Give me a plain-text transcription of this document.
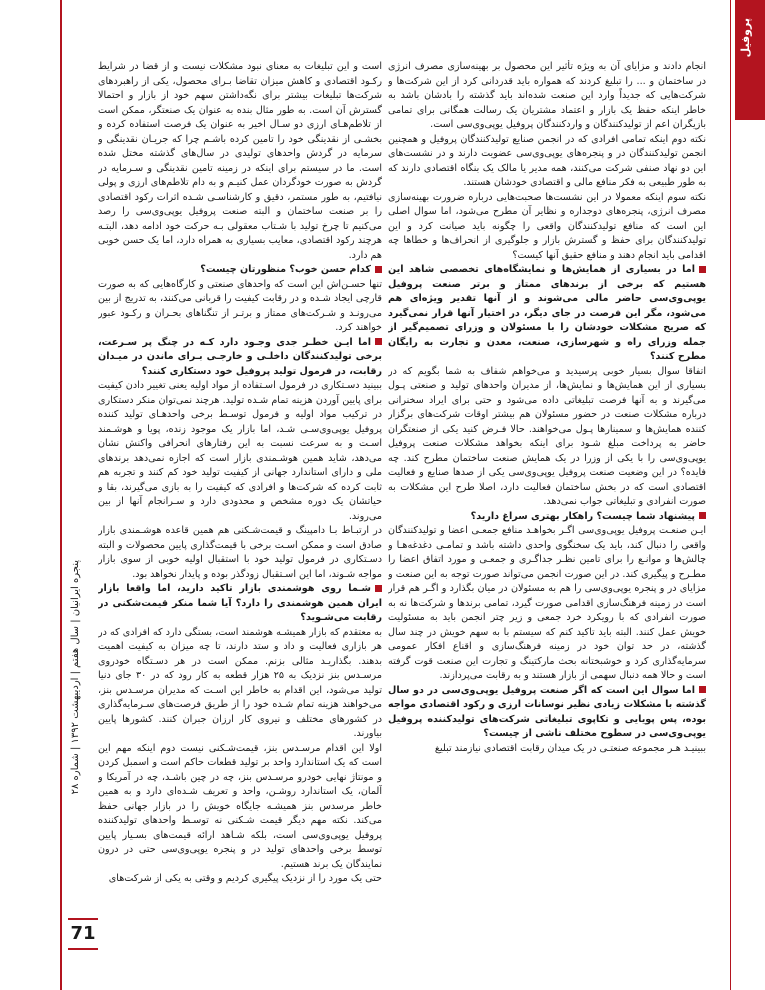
پروفیل
پنجره ایرانیان | سال هفتم | اردیبهشت ۱۳۹۲ | شماره ۲۸
71

انجام دادند و مزایای آن به ویژه تأثیر این محصول بر بهینه‌سازی مصرف انرژی در ساختمان و ... را تبلیغ کردند که همواره باید قدردانی کرد از این شرکت‌ها و شرکت‌هایی که جدیداً وارد این صنعت شده‌اند باید گذشته را بادشان باشد به خاطر اینکه حفظ یک بازار و اعتماد مشتریان یک رسالت همگانی برای تمامی بازیگران اعم از تولیدکنندگان و واردکنندگان پروفیل یوپی‌وی‌سی است.

نکته دوم اینکه تمامی افرادی که در انجمن صنایع تولیدکنندگان پروفیل و همچنین انجمن تولیدکنندگان در و پنجره‌های یوپی‌وی‌سی عضویت دارند و در نشست‌های این دو نهاد صنفی شرکت می‌کنند، همه مدیر یا مالک یک بنگاه اقتصادی دارند که به طور طبیعی به فکر منافع مالی و اقتصادی خودشان هستند.

نکته سوم اینکه معمولا در این نشست‌ها صحبت‌هایی درباره ضرورت بهینه‌سازی مصرف انرژی، پنجره‌های دوجداره و نظایر آن مطرح می‌شود، اما سوال اصلی این است که منافع تولیدکنندگان واقعی را چگونه باید صیانت کرد و این تولیدکنندگان برای حفظ و گسترش بازار و جلوگیری از انحراف‌ها و خطاها چه اقدامی باید انجام دهند و منافع حقیق آنها کیست؟

اما در بسیاری از همایش‌ها و نمایشگاه‌های تخصصی شاهد این هستیم که برخی از برندهای ممتاز و برتر صنعت پروفیل یوپی‌وی‌سی حاضر مالی می‌شوند و از آنها تقدیر ویژه‌ای هم می‌شود، مگر این فرصت در جای دیگر، در اختیار آنها قرار نمی‌گیرد که صریح مشکلات خودشان را با مسئولان و وزرای تصمیم‌گیر از جمله وزرای راه و شهرسازی، صنعت، معدن و تجارت به رایگان مطرح کنند؟

اتفاقا سوال بسیار خوبی پرسیدید و می‌خواهم شفاف به شما بگویم که در بسیاری از این همایش‌ها و نمایش‌ها، از مدیران واحدهای تولید و صنعتی پـول می‌گیرند و به آنها فرصت تبلیغاتی داده می‌شود و حتی برای ایراد سخنرانی درباره مشکلات صنعت در حضور مسئولان هم بیشتر اوقات شرکت‌های برگزار کننده همایش‌ها و سمینارها پـول می‌خواهند. حالا فـرض کنید یکی از صنعتگران حاضر به پرداخت مبلغ شـود برای اینکه بخواهد مشکلات صنعت پروفیل یوپی‌وی‌سی را با یکی از وزرا در یک همایش صنعت ساختمان مطرح کند. چه فایده؟ در این وضعیت صنعت پروفیل یوپی‌وی‌سی یکی از صدها صنایع و فعالیت اقتصادی است که در بخش ساختمان فعالیت دارد، اصلا طرح این مشکلات به صورت انفرادی و تبلیغاتی جواب نمی‌دهد.

پیشنهاد شما چیست؟ راهکار بهتری سراغ دارید؟

ایـن صنعـت پروفیل یوپی‌وی‌سی اگـر بخواهـد منافع جمعـی اعضا و تولیدکنندگان واقعی را دنبال کند، باید یک سخنگوی واحدی داشته باشد و تمامـی دغدغه‌هـا و چالش‌ها و موانـع را برای تامین نظـر جداگـری و جمعـی و مورد اتفاق اعضا را مطـرح و پیگیری کند. در این صورت انجمن می‌تواند صورت توجه به این صنعت و مزایای در و پنجره یوپی‌وی‌سی را هم به مسئولان در میان بگذارد و اگـر هم قرار است در زمینه فرهنگ‌سازی اقدامی صورت گیرد، تمامی برندها و شرکت‌ها نه به صورت انفرادی که با رویکرد خرد جمعی و زیر چتر انجمن باید به مسئولیت خویش عمل کنند. البته باید تاکید کنم که سیستم با به سهم خویش در چند سال گذشته، در حد توان خود در زمینه فرهنگ‌سازی و اقناع افکار عمومی سرمایه‌گذاری کرد و خوشبختانه بحث مارکتینگ و تجارت این صنعت قوت گرفته است و حالا همه دنبال سهمی از بازار هستند و به رقابت می‌پردازند.

اما سوال این است که اگر صنعت پروفیل یوپی‌وی‌سی در دو سال گذشته با مشکلات زیادی نظیر نوسانات ارزی و رکود اقتصادی مواجه بوده، پس پویایی و تکاپوی تبلیغاتی شرکت‌های تولیدکننده پروفیل یوپی‌وی‌سی در سطوح مختلف ناشی از چیست؟

ببینیـد هـر مجموعه صنعتـی در یک میدان رقابت اقتصادی نیازمند تبلیغ

است و این تبلیغات به معنای نبود مشکلات نیست و از قضا در شرایط رکـود اقتصادی و کاهش میزان تقاضا بـرای محصول، یکی از راهبردهای شرکت‌ها تبلیغات بیشتر برای نگه‌داشتن سهم خود از بازار و احتمالا گسترش آن است. به طور مثال بنده به عنوان یک صنعتگر، ممکن است از تلاطم‌هـای ارزی دو سـال اخیر به عنوان یک فرصت استفاده کرده و بخشـی از نقدینگی خود را تامین کرده باشـم چرا که جریـان نقدینگی و سرمایه در گردش واحدهای تولیدی در سال‌های گذشته مختل شده است. ما در سیستم برای اینکه در زمینه تامین نقدینگی و سـرمایه در گردش به صورت خودگردان عمل کنیـم و به دام تلاطم‌های ارزی و پولی نیافتیم، به طور مستمر، دقیق و کارشناسـی شـده اثرات رکود اقتصادی را بر صنعت ساختمان و البته صنعت پروفیل یوپی‌وی‌سی را رصد می‌کنیم تا چرخ تولید با شـتاب معقولی بـه حرکت خود ادامه دهد، البتـه هرچند رکود اقتصادی، معایب بسیاری به همراه دارد، اما یک حسن خوبی هم دارد.

کدام حسن خوب؟ منظورتان چیست؟

تنها حسـن‌اش این است که واحدهای صنعتی و کارگاه‌هایی که به صورت قارچی ایجاد شـده و در رقابت کیفیت را قربانی می‌کنند، به تدریج از بین می‌رونـد و شـرکت‌های ممتاز و برتـر از تنگناهای بحـران و رکـود عبور خواهند کرد.

اما ایـن خطـر جدی وجـود دارد کـه در چنگ پر سـرعت، برخی تولیدکنندگان داخلـی و خارجـی بـرای ماندن در میـدان رقابت، در فرمول تولید پروفیل خود دستکاری کنند؟

ببینید دسـتکاری در فرمول اسـتفاده از مواد اولیه یعنی تغییر دادن کیفیت برای پایین آوردن هزینه تمام شـده تولید. هرچند نمی‌توان منکر دستکاری در ترکیب مواد اولیه و فرمول توسـط برخی واحدهـای تولید کننده پروفیل یوپی‌وی‌سـی شـد، اما بازار یک موجود زنده، پویا و هوشـمند اسـت و به سرعت نسبت به این رفتارهای انحرافی واکنش نشان می‌دهد، شاید همین هوشـمندی بازار است که اجازه نمی‌دهد برندهای ملی و دارای استاندارد جهانی از کیفیت تولید خود کم کنند و تجربه هم ثابت کرده که شرکت‌ها و افرادی که کیفیت را به بازی می‌گیرند، بقا و حیاتشان یک دوره مشخص و محدودی دارد و سـرانجام آنها از بین می‌روند.

در ارتبـاط بـا دامپینگ و قیمت‌شـکنی هم همین قاعده هوشـمندی بازار صادق است و ممکن اسـت برخی با قیمت‌گذاری پایین محصولات و البته دسـتکاری در فرمول تولید خود با استقبال اولیه خوبی از سوی بازار مواجه شـوند، اما این اسـتقبال زودگذر بوده و پایدار نخواهد بود.

شـما روی هوشمندی بازار تاکید دارید، اما واقعا بازار ایران همین هوشمندی را دارد؟ آیا شما منکر قیمت‌شکنی در رقابت می‌شـوید؟

به معتقدم که بازار همیشـه هوشمند است، بستگی دارد که افرادی که در هر بازاری فعالیت و داد و ستد دارند، تا چه میزان به کیفیت اهمیت بدهند. بگذاریـد مثالی بزنم. ممکن است در هر دسـتگاه خودروی مرسـدس بنز نزدیک به ۲۵ هزار قطعه به کار رود که در ۳۰ جای دنیا تولید می‌شود، این اقدام به خاطر این اسـت که مدیران مرسـدس بنز، می‌خواهند هزینه تمام شـده خود را از طریق فرصت‌های سـرمایه‌گذاری در کشورهای مختلف و نیروی کار ارزان جبران کنند. کشورها پایین بیاورند.

اولا این اقدام مرسـدس بنز، قیمت‌شـکنی نیست دوم اینکه مهم این است که یک استاندارد واحد بر تولید قطعات حاکم است و اسمبل کردن و مونتاژ نهایی خودرو مرسـدس بنز، چه در چین باشـد، چه در آمریکا و آلمان، یک استاندارد روشـن، واحد و تعریف شـده‌ای دارد و به همین خاطر مرسدس بنز همیشـه جایگاه خویش را در بازار جهانی حفظ می‌کند. نکته مهم دیگر قیمت شـکنی نه توسـط واحدهای تولیدکننده پروفیل یوپی‌وی‌سی است، بلکه شـاهد ارائه قیمت‌های بسـیار پایین توسط برخی واحدهای تولید در و پنجره یوپی‌وی‌سی حتی در درون نمایندگان یک برند هستیم.

حتی یک مورد را از نزدیک پیگیری کردیم و وقتی به یکی از شرکت‌های
